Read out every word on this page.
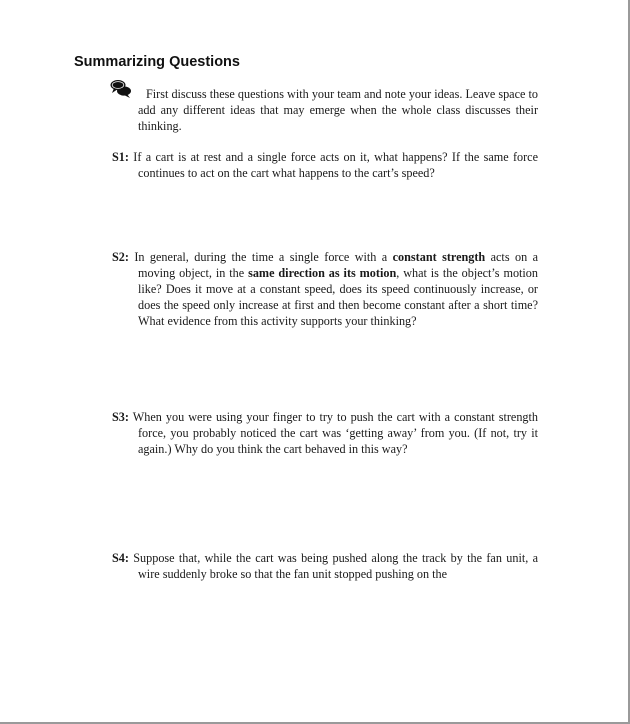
Summarizing Questions
First discuss these questions with your team and note your ideas. Leave space to add any different ideas that may emerge when the whole class discusses their thinking.
S1: If a cart is at rest and a single force acts on it, what happens? If the same force continues to act on the cart what happens to the cart’s speed?
S2: In general, during the time a single force with a constant strength acts on a moving object, in the same direction as its motion, what is the object’s motion like? Does it move at a constant speed, does its speed continuously increase, or does the speed only increase at first and then become constant after a short time? What evidence from this activity supports your thinking?
S3: When you were using your finger to try to push the cart with a constant strength force, you probably noticed the cart was ‘getting away’ from you. (If not, try it again.) Why do you think the cart behaved in this way?
S4: Suppose that, while the cart was being pushed along the track by the fan unit, a wire suddenly broke so that the fan unit stopped pushing on the
